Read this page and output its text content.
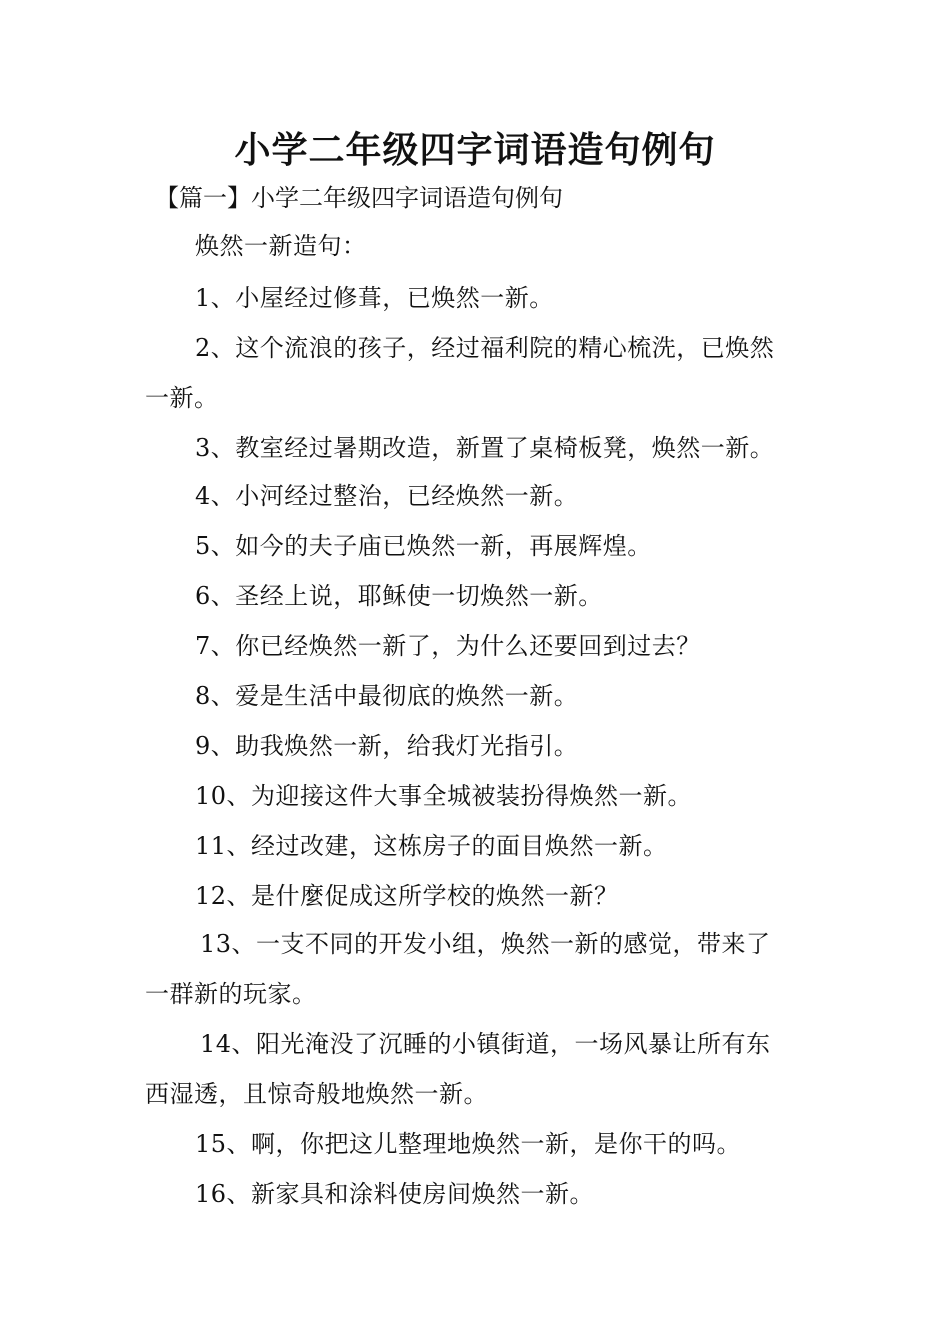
小学二年级四字词语造句例句
【篇一】小学二年级四字词语造句例句
焕然一新造句：
1、小屋经过修葺，已焕然一新。
2、这个流浪的孩子，经过福利院的精心梳洗，已焕然
一新。
3、教室经过暑期改造，新置了桌椅板凳，焕然一新。
4、小河经过整治，已经焕然一新。
5、如今的夫子庙已焕然一新，再展辉煌。
6、圣经上说，耶稣使一切焕然一新。
7、你已经焕然一新了，为什么还要回到过去？
8、爱是生活中最彻底的焕然一新。
9、助我焕然一新，给我灯光指引。
10、为迎接这件大事全城被装扮得焕然一新。
11、经过改建，这栋房子的面目焕然一新。
12、是什麼促成这所学校的焕然一新？
13、一支不同的开发小组，焕然一新的感觉，带来了
一群新的玩家。
14、阳光淹没了沉睡的小镇街道，一场风暴让所有东
西湿透，且惊奇般地焕然一新。
15、啊，你把这儿整理地焕然一新，是你干的吗。
16、新家具和涂料使房间焕然一新。
